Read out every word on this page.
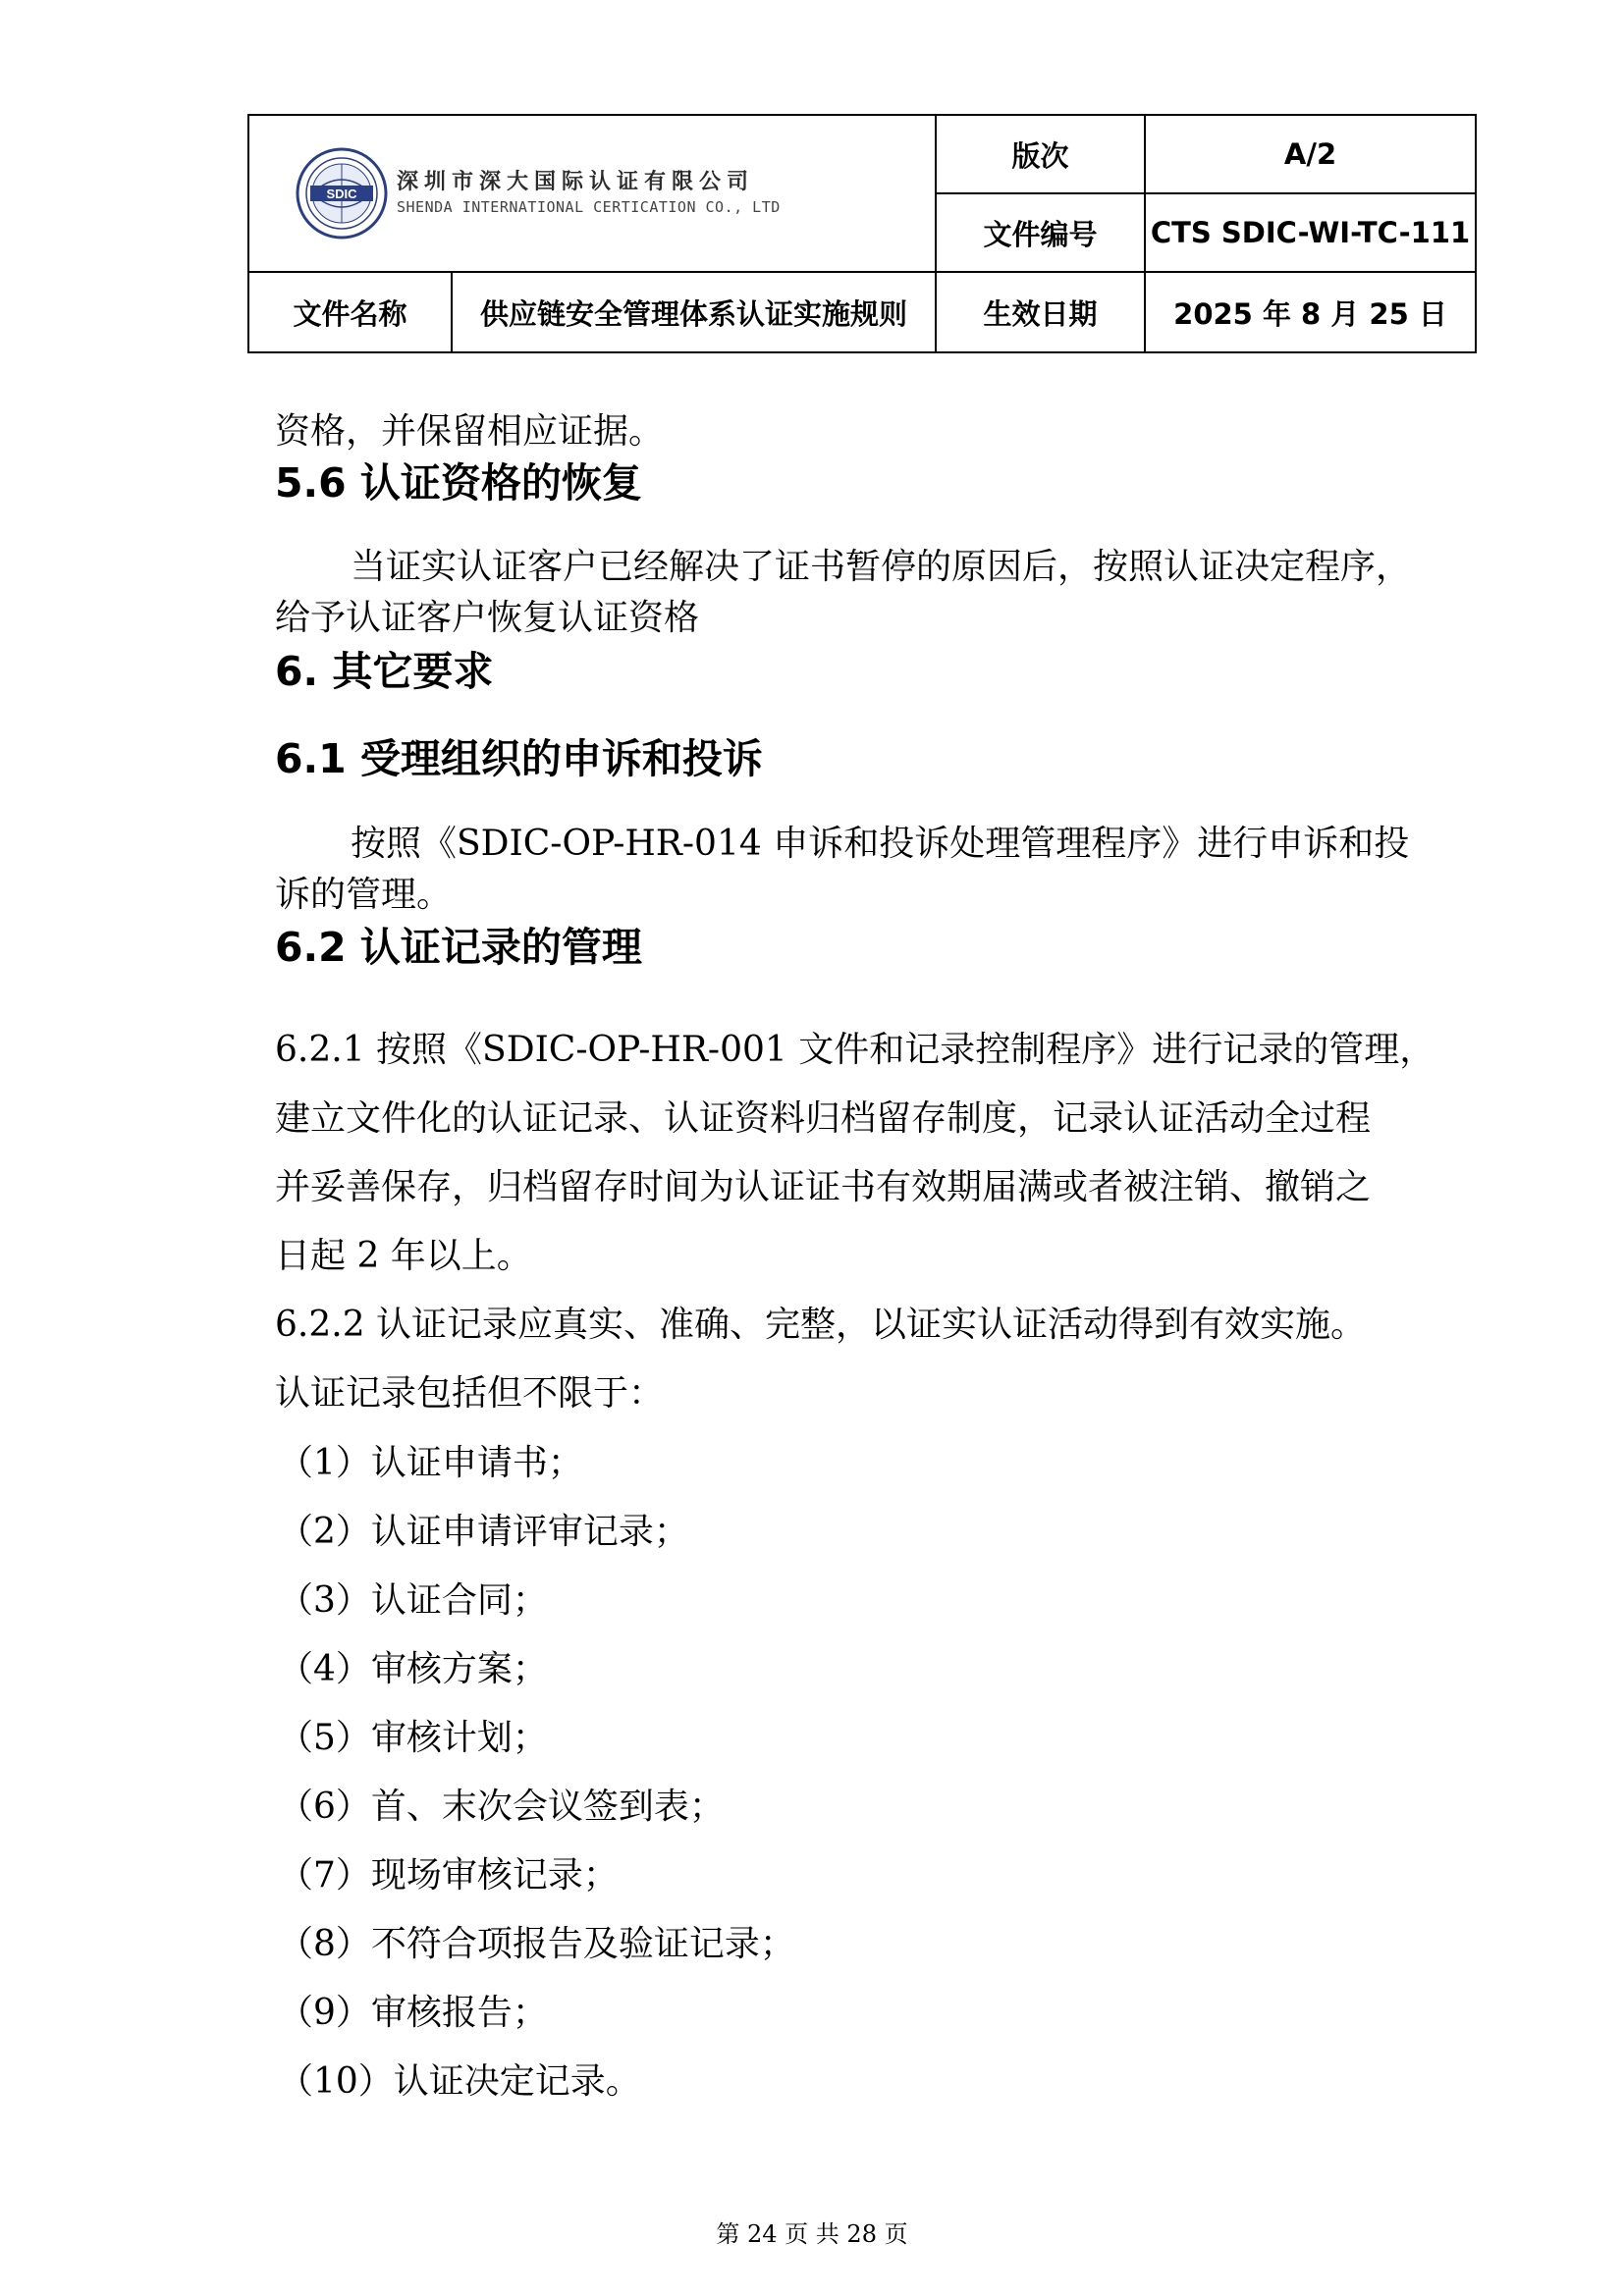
SDIC 深圳市深大国际认证有限公司
SHENDA INTERNATIONAL CERTICATION CO., LTD		版次	A/2
		文件编号	CTS SDIC-WI-TC-111
文件名称	供应链安全管理体系认证实施规则	生效日期	2025 年 8 月 25 日
资格，并保留相应证据。
5.6 认证资格的恢复
当证实认证客户已经解决了证书暂停的原因后，按照认证决定程序，
给予认证客户恢复认证资格
6. 其它要求
6.1 受理组织的申诉和投诉
按照《SDIC-OP-HR-014 申诉和投诉处理管理程序》进行申诉和投
诉的管理。
6.2 认证记录的管理
6.2.1 按照《SDIC-OP-HR-001 文件和记录控制程序》进行记录的管理，
建立文件化的认证记录、认证资料归档留存制度，记录认证活动全过程
并妥善保存，归档留存时间为认证证书有效期届满或者被注销、撤销之
日起 2 年以上。
6.2.2 认证记录应真实、准确、完整，以证实认证活动得到有效实施。
认证记录包括但不限于：
（1）认证申请书；
（2）认证申请评审记录；
（3）认证合同；
（4）审核方案；
（5）审核计划；
（6）首、末次会议签到表；
（7）现场审核记录；
（8）不符合项报告及验证记录；
（9）审核报告；
（10）认证决定记录。
第 24 页 共 28 页
